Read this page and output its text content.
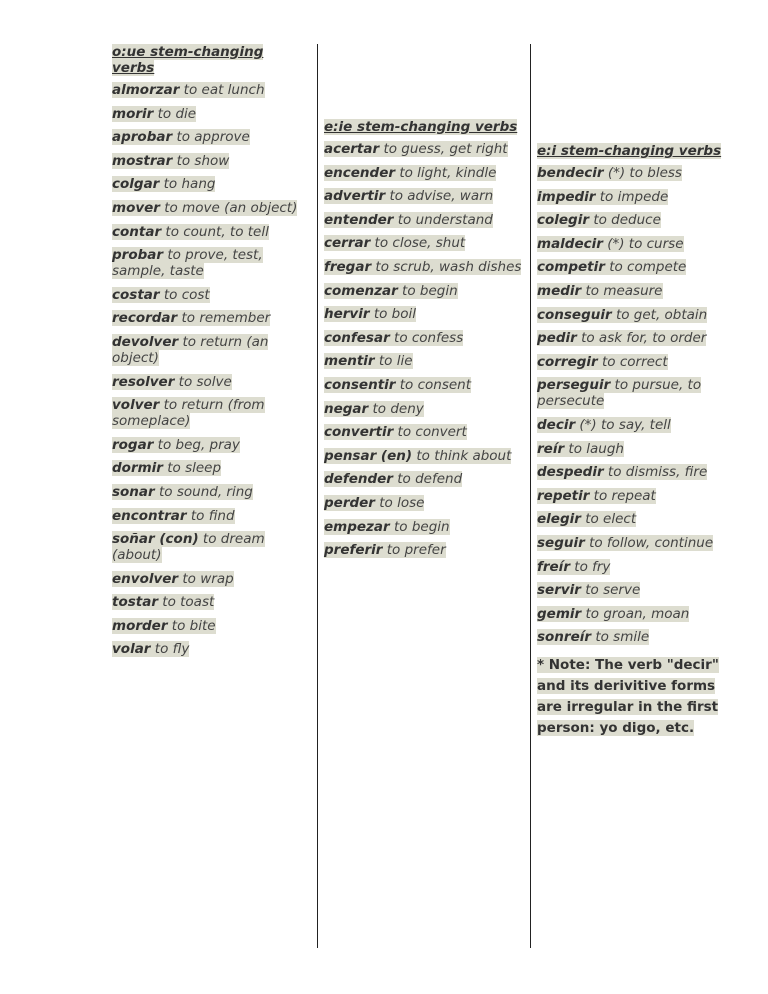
o:ue stem-changing verbs
almorzar to eat lunch
morir to die
aprobar to approve
mostrar to show
colgar to hang
mover to move (an object)
contar to count, to tell
probar to prove, test, sample, taste
costar to cost
recordar to remember
devolver to return (an object)
resolver to solve
volver to return (from someplace)
rogar to beg, pray
dormir to sleep
sonar to sound, ring
encontrar to find
soñar (con) to dream (about)
envolver to wrap
tostar to toast
morder to bite
volar to fly
e:ie stem-changing verbs
acertar to guess, get right
encender to light, kindle
advertir to advise, warn
entender to understand
cerrar to close, shut
fregar to scrub, wash dishes
comenzar to begin
hervir to boil
confesar to confess
mentir to lie
consentir to consent
negar to deny
convertir to convert
pensar (en) to think about
defender to defend
perder to lose
empezar to begin
preferir to prefer
e:i stem-changing verbs
bendecir (*) to bless
impedir to impede
colegir to deduce
maldecir (*) to curse
competir to compete
medir to measure
conseguir to get, obtain
pedir to ask for, to order
corregir to correct
perseguir to pursue, to persecute
decir (*) to say, tell
reír to laugh
despedir to dismiss, fire
repetir to repeat
elegir to elect
seguir to follow, continue
freír to fry
servir to serve
gemir to groan, moan
sonreír to smile
* Note: The verb "decir" and its derivitive forms are irregular in the first person: yo digo, etc.
